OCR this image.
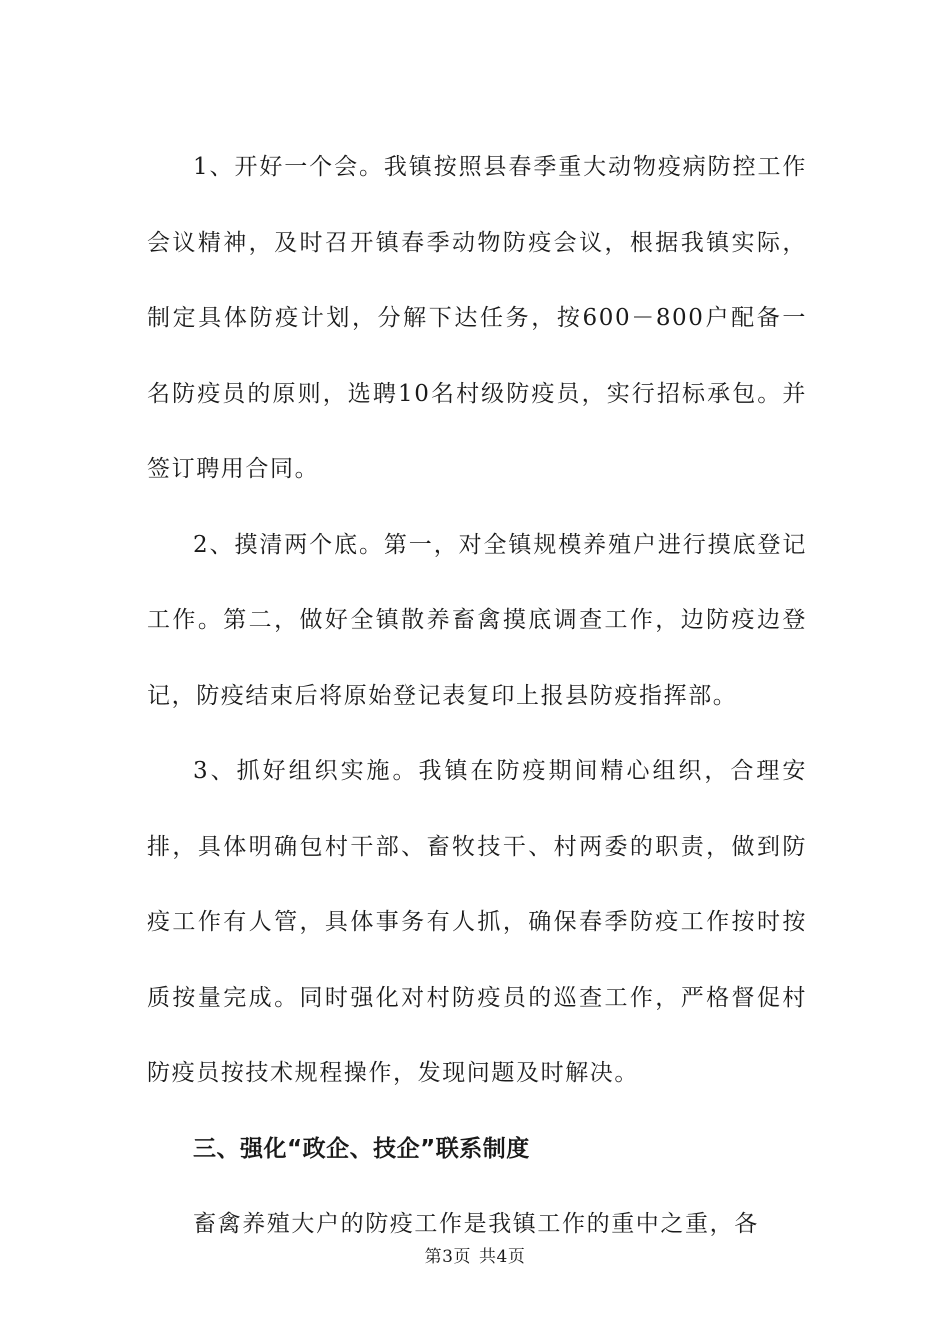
1、开好一个会。我镇按照县春季重大动物疫病防控工作会议精神，及时召开镇春季动物防疫会议，根据我镇实际，制定具体防疫计划，分解下达任务，按600－800户配备一名防疫员的原则，选聘10名村级防疫员，实行招标承包。并签订聘用合同。

2、摸清两个底。第一，对全镇规模养殖户进行摸底登记工作。第二，做好全镇散养畜禽摸底调查工作，边防疫边登记，防疫结束后将原始登记表复印上报县防疫指挥部。

3、抓好组织实施。我镇在防疫期间精心组织，合理安排，具体明确包村干部、畜牧技干、村两委的职责，做到防疫工作有人管，具体事务有人抓，确保春季防疫工作按时按质按量完成。同时强化对村防疫员的巡查工作，严格督促村防疫员按技术规程操作，发现问题及时解决。

三、强化“政企、技企”联系制度

畜禽养殖大户的防疫工作是我镇工作的重中之重，各

第3页 共4页
